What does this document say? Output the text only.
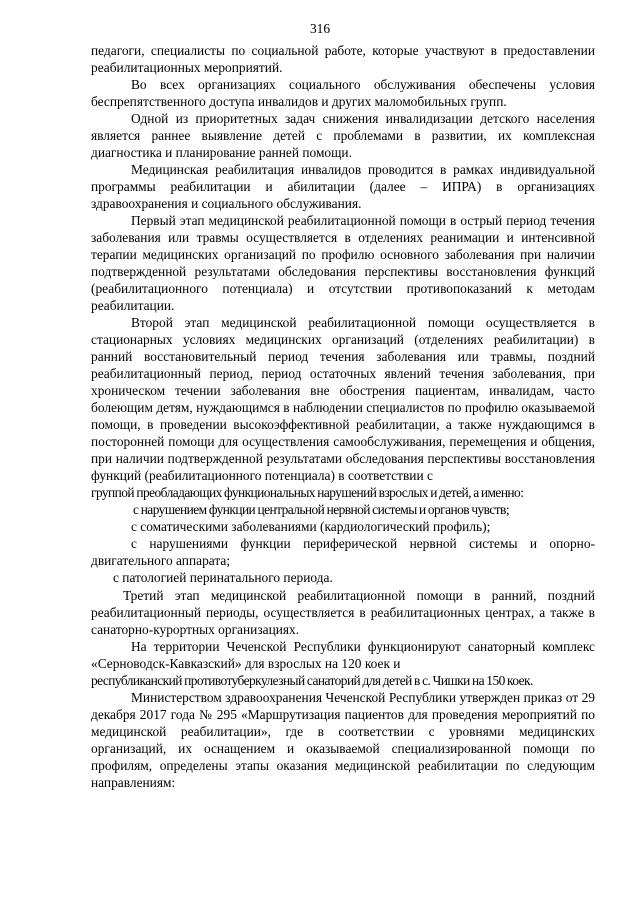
316

педагоги, специалисты по социальной работе, которые участвуют в предоставлении реабилитационных мероприятий.

Во всех организациях социального обслуживания обеспечены условия беспрепятственного доступа инвалидов и других маломобильных групп.

Одной из приоритетных задач снижения инвалидизации детского населения является раннее выявление детей с проблемами в развитии, их комплексная диагностика и планирование ранней помощи.

Медицинская реабилитация инвалидов проводится в рамках индивидуальной программы реабилитации и абилитации (далее – ИПРА) в организациях здравоохранения и социального обслуживания.

Первый этап медицинской реабилитационной помощи в острый период течения заболевания или травмы осуществляется в отделениях реанимации и интенсивной терапии медицинских организаций по профилю основного заболевания при наличии подтвержденной результатами обследования перспективы восстановления функций (реабилитационного потенциала) и отсутствии противопоказаний к методам реабилитации.

Второй этап медицинской реабилитационной помощи осуществляется в стационарных условиях медицинских организаций (отделениях реабилитации) в ранний восстановительный период течения заболевания или травмы, поздний реабилитационный период, период остаточных явлений течения заболевания, при хроническом течении заболевания вне обострения пациентам, инвалидам, часто болеющим детям, нуждающимся в наблюдении специалистов по профилю оказываемой помощи, в проведении высокоэффективной реабилитации, а также нуждающимся в посторонней помощи для осуществления самообслуживания, перемещения и общения, при наличии подтвержденной результатами обследования перспективы восстановления функций (реабилитационного потенциала) в соответствии с

группой преобладающих функциональных нарушений взрослых и детей, а именно:

с нарушением функции центральной нервной системы и органов чувств;

с соматическими заболеваниями (кардиологический профиль);

с нарушениями функции периферической нервной системы и опорно-двигательного аппарата;

с патологией перинатального периода.

Третий этап медицинской реабилитационной помощи в ранний, поздний реабилитационный периоды, осуществляется в реабилитационных центрах, а также в санаторно-курортных организациях.

На территории Чеченской Республики функционируют санаторный комплекс «Серноводск-Кавказский» для взрослых на 120 коек и

республиканский противотуберкулезный санаторий для детей в с. Чишки на 150 коек.

Министерством здравоохранения Чеченской Республики утвержден приказ от 29 декабря 2017 года № 295 «Маршрутизация пациентов для проведения мероприятий по медицинской реабилитации», где в соответствии с уровнями медицинских организаций, их оснащением и оказываемой специализированной помощи по профилям, определены этапы оказания медицинской реабилитации по следующим направлениям:
